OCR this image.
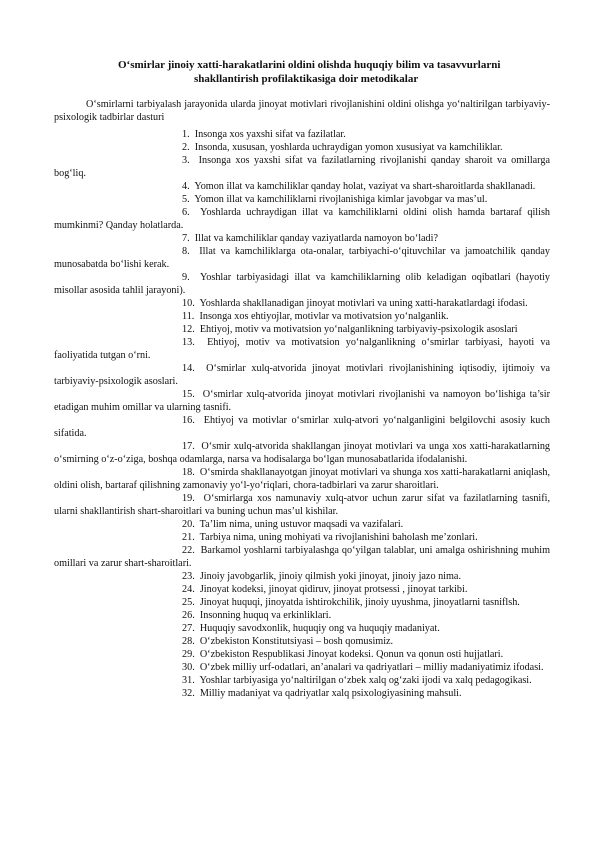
O‘smirlar jinoiy xatti-harakatlarini oldini olishda huquqiy bilim va tasavvurlarni
shakllantirish profilaktikasiga doir metodikalar
O‘smirlarni tarbiyalash jarayonida ularda jinoyat motivlari rivojlanishini oldini olishga yo‘naltirilgan tarbiyaviy-psixologik tadbirlar dasturi

1. Insonga xos yaxshi sifat va fazilatlar.

2. Insonda, xususan, yoshlarda uchraydigan yomon xususiyat va kamchiliklar.

3. Insonga xos yaxshi sifat va fazilatlarning rivojlanishi qanday sharoit va omillarga bog‘liq.

4. Yomon illat va kamchiliklar qanday holat, vaziyat va shart-sharoitlarda shakllanadi.

5. Yomon illat va kamchiliklarni rivojlanishiga kimlar javobgar va mas’ul.

6. Yoshlarda uchraydigan illat va kamchiliklarni oldini olish hamda bartaraf qilish mumkinmi? Qanday holatlarda.

7. Illat va kamchiliklar qanday vaziyatlarda namoyon bo‘ladi?

8. Illat va kamchiliklarga ota-onalar, tarbiyachi-o‘qituvchilar va jamoatchilik qanday munosabatda bo‘lishi kerak.

9. Yoshlar tarbiyasidagi illat va kamchiliklarning olib keladigan oqibatlari (hayotiy misollar asosida tahlil jarayoni).

10. Yoshlarda shakllanadigan jinoyat motivlari va uning xatti-harakatlardagi ifodasi.

11. Insonga xos ehtiyojlar, motivlar va motivatsion yo‘nalganlik.

12. Ehtiyoj, motiv va motivatsion yo‘nalganlikning tarbiyaviy-psixologik asoslari

13. Ehtiyoj, motiv va motivatsion yo‘nalganlikning o‘smirlar tarbiyasi, hayoti va faoliyatida tutgan o‘rni.

14. O‘smirlar xulq-atvorida jinoyat motivlari rivojlanishining iqtisodiy, ijtimoiy va tarbiyaviy-psixologik asoslari.

15. O‘smirlar xulq-atvorida jinoyat motivlari rivojlanishi va namoyon bo‘lishiga ta’sir etadigan muhim omillar va ularning tasnifi.

16. Ehtiyoj va motivlar o‘smirlar xulq-atvori yo‘nalganligini belgilovchi asosiy kuch sifatida.

17. O‘smir xulq-atvorida shakllangan jinoyat motivlari va unga xos xatti-harakatlarning o‘smirning o‘z-o‘ziga, boshqa odamlarga, narsa va hodisalarga bo‘lgan munosabatlarida ifodalanishi.

18. O‘smirda shakllanayotgan jinoyat motivlari va shunga xos xatti-harakatlarni aniqlash, oldini olish, bartaraf qilishning zamonaviy yo‘l-yo‘riqlari, chora-tadbirlari va zarur sharoitlari.

19. O‘smirlarga xos namunaviy xulq-atvor uchun zarur sifat va fazilatlarning tasnifi, ularni shakllantirish shart-sharoitlari va buning uchun mas’ul kishilar.

20. Ta’lim nima, uning ustuvor maqsadi va vazifalari.

21. Tarbiya nima, uning mohiyati va rivojlanishini baholash me’zonlari.

22. Barkamol yoshlarni tarbiyalashga qo‘yilgan talablar, uni amalga oshirishning muhim omillari va zarur shart-sharoitlari.

23. Jinoiy javobgarlik, jinoiy qilmish yoki jinoyat, jinoiy jazo nima.

24. Jinoyat kodeksi, jinoyat qidiruv, jinoyat protsessi , jinoyat tarkibi.

25. Jinoyat huquqi, jinoyatda ishtirokchilik, jinoiy uyushma, jinoyatlarni tasniflsh.

26. Insonning huquq va erkinliklari.

27. Huquqiy savodxonlik, huquqiy ong va huquqiy madaniyat.

28. O‘zbekiston Konstitutsiyasi – bosh qomusimiz.

29. O‘zbekiston Respublikasi Jinoyat kodeksi. Qonun va qonun osti hujjatlari.

30. O‘zbek milliy urf-odatlari, an’analari va qadriyatlari – milliy madaniyatimiz ifodasi.

31.  Yoshlar tarbiyasiga yo‘naltirilgan o‘zbek xalq og‘zaki ijodi va xalq pedagogikasi.

32. Milliy madaniyat va qadriyatlar xalq psixologiyasining mahsuli.
